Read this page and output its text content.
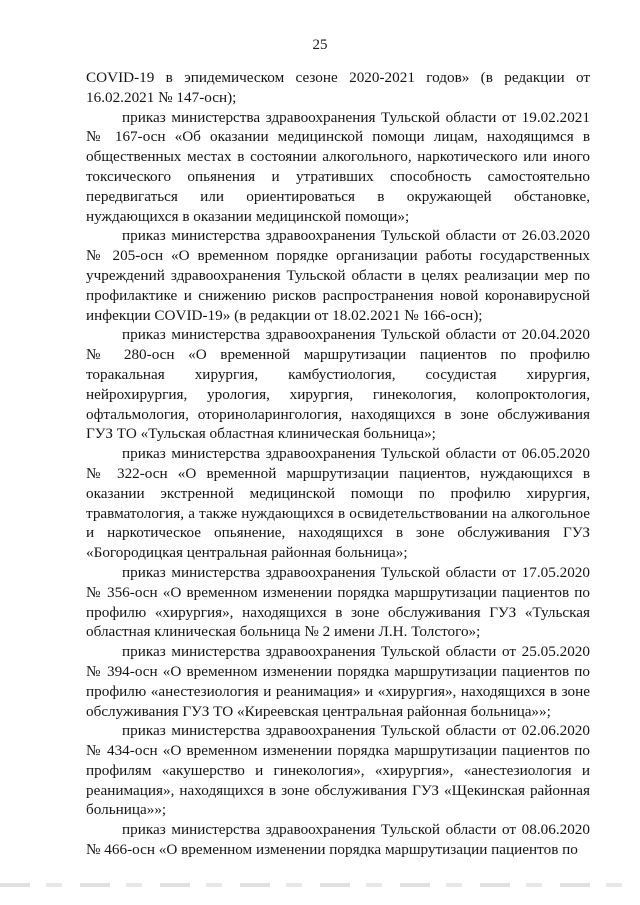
25

COVID-19 в эпидемическом сезоне 2020-2021 годов» (в редакции от 16.02.2021 № 147-осн);

приказ министерства здравоохранения Тульской области от 19.02.2021 № 167-осн «Об оказании медицинской помощи лицам, находящимся в общественных местах в состоянии алкогольного, наркотического или иного токсического опьянения и утративших способность самостоятельно передвигаться или ориентироваться в окружающей обстановке, нуждающихся в оказании медицинской помощи»;

приказ министерства здравоохранения Тульской области от 26.03.2020 № 205-осн «О временном порядке организации работы государственных учреждений здравоохранения Тульской области в целях реализации мер по профилактике и снижению рисков распространения новой коронавирусной инфекции COVID-19» (в редакции от 18.02.2021 № 166-осн);

приказ министерства здравоохранения Тульской области от 20.04.2020 № 280-осн «О временной маршрутизации пациентов по профилю торакальная хирургия, камбустиология, сосудистая хирургия, нейрохирургия, урология, хирургия, гинекология, колопроктология, офтальмология, оториноларингология, находящихся в зоне обслуживания ГУЗ ТО «Тульская областная клиническая больница»;

приказ министерства здравоохранения Тульской области от 06.05.2020 № 322-осн «О временной маршрутизации пациентов, нуждающихся в оказании экстренной медицинской помощи по профилю хирургия, травматология, а также нуждающихся в освидетельствовании на алкогольное и наркотическое опьянение, находящихся в зоне обслуживания ГУЗ «Богородицкая центральная районная больница»;

приказ министерства здравоохранения Тульской области от 17.05.2020 № 356-осн «О временном изменении порядка маршрутизации пациентов по профилю «хирургия», находящихся в зоне обслуживания ГУЗ «Тульская областная клиническая больница № 2 имени Л.Н. Толстого»;

приказ министерства здравоохранения Тульской области от 25.05.2020 № 394-осн «О временном изменении порядка маршрутизации пациентов по профилю «анестезиология и реанимация» и «хирургия», находящихся в зоне обслуживания ГУЗ ТО «Киреевская центральная районная больница»»;

приказ министерства здравоохранения Тульской области от 02.06.2020 № 434-осн «О временном изменении порядка маршрутизации пациентов по профилям «акушерство и гинекология», «хирургия», «анестезиология и реанимация», находящихся в зоне обслуживания ГУЗ «Щекинская районная больница»»;

приказ министерства здравоохранения Тульской области от 08.06.2020 № 466-осн «О временном изменении порядка маршрутизации пациентов по
